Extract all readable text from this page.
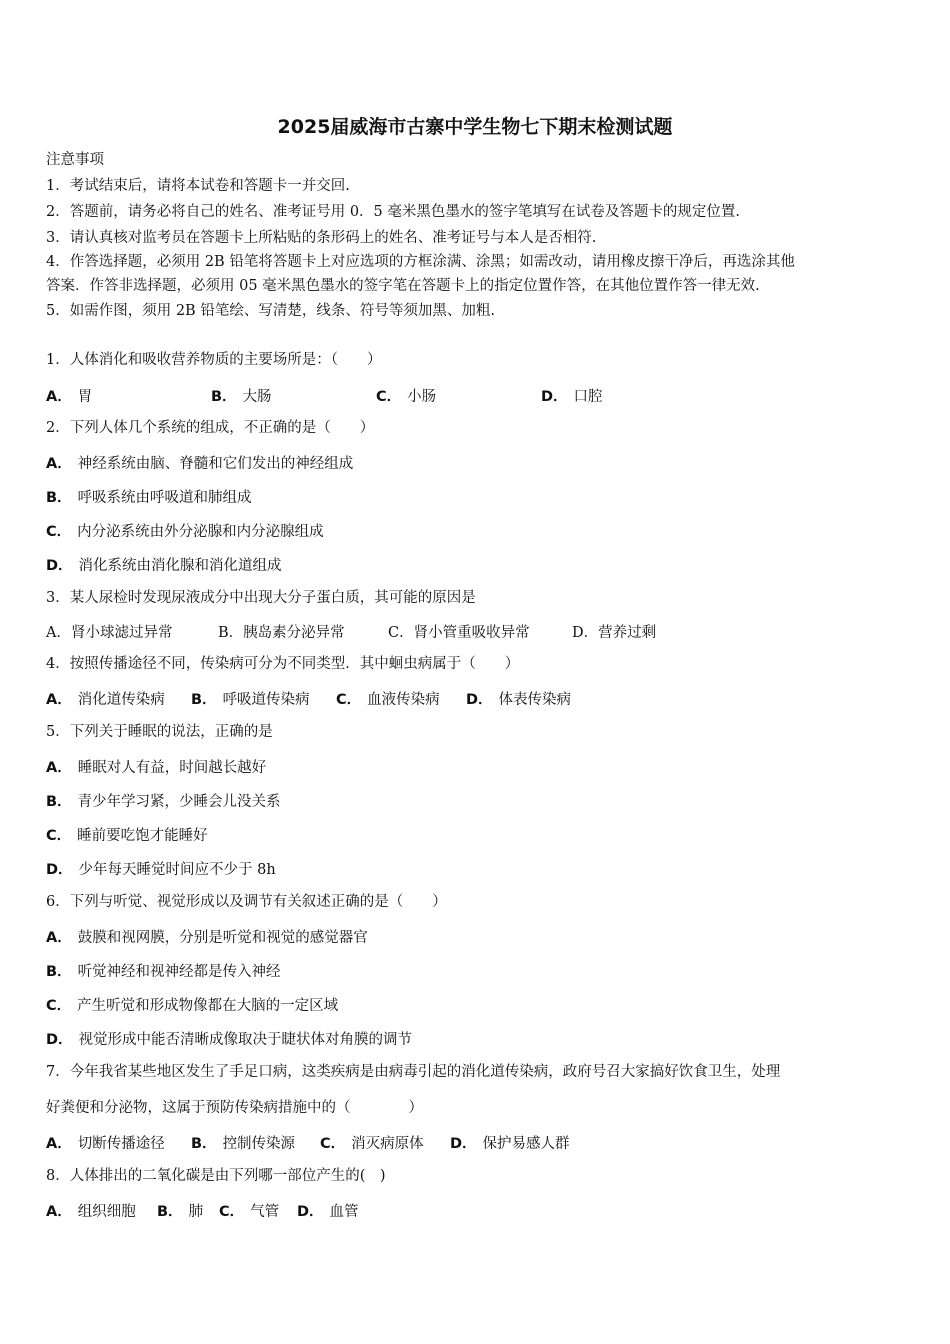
2025届威海市古寨中学生物七下期末检测试题
注意事项
1．考试结束后，请将本试卷和答题卡一并交回.
2．答题前，请务必将自己的姓名、准考证号用 0．5 毫米黑色墨水的签字笔填写在试卷及答题卡的规定位置.
3．请认真核对监考员在答题卡上所粘贴的条形码上的姓名、准考证号与本人是否相符.
4．作答选择题，必须用 2B 铅笔将答题卡上对应选项的方框涂满、涂黑；如需改动，请用橡皮擦干净后，再选涂其他
答案．作答非选择题，必须用 05 毫米黑色墨水的签字笔在答题卡上的指定位置作答，在其他位置作答一律无效.
5．如需作图，须用 2B 铅笔绘、写清楚，线条、符号等须加黑、加粗.
1．人体消化和吸收营养物质的主要场所是：（　　）
A． 胃	B． 大肠	C． 小肠	D． 口腔
2．下列人体几个系统的组成，不正确的是（　　）
A． 神经系统由脑、脊髓和它们发出的神经组成
B． 呼吸系统由呼吸道和肺组成
C． 内分泌系统由外分泌腺和内分泌腺组成
D． 消化系统由消化腺和消化道组成
3．某人尿检时发现尿液成分中出现大分子蛋白质，其可能的原因是
A．肾小球滤过异常	B．胰岛素分泌异常	C．肾小管重吸收异常	D．营养过剩
4．按照传播途径不同，传染病可分为不同类型．其中蛔虫病属于（　　）
A． 消化道传染病 B． 呼吸道传染病 C． 血液传染病 D． 体表传染病
5．下列关于睡眠的说法，正确的是
A． 睡眠对人有益，时间越长越好
B． 青少年学习紧，少睡会儿没关系
C． 睡前要吃饱才能睡好
D． 少年每天睡觉时间应不少于 8h
6．下列与听觉、视觉形成以及调节有关叙述正确的是（　　）
A． 鼓膜和视网膜，分别是听觉和视觉的感觉器官
B． 听觉神经和视神经都是传入神经
C． 产生听觉和形成物像都在大脑的一定区域
D． 视觉形成中能否清晰成像取决于睫状体对角膜的调节
7．今年我省某些地区发生了手足口病，这类疾病是由病毒引起的消化道传染病，政府号召大家搞好饮食卫生，处理
好粪便和分泌物，这属于预防传染病措施中的（　　　　）
A． 切断传播途径 B． 控制传染源 C． 消灭病原体 D． 保护易感人群
8．人体排出的二氧化碳是由下列哪一部位产生的(　)
A． 组织细胞 B． 肺 C． 气管 D． 血管
